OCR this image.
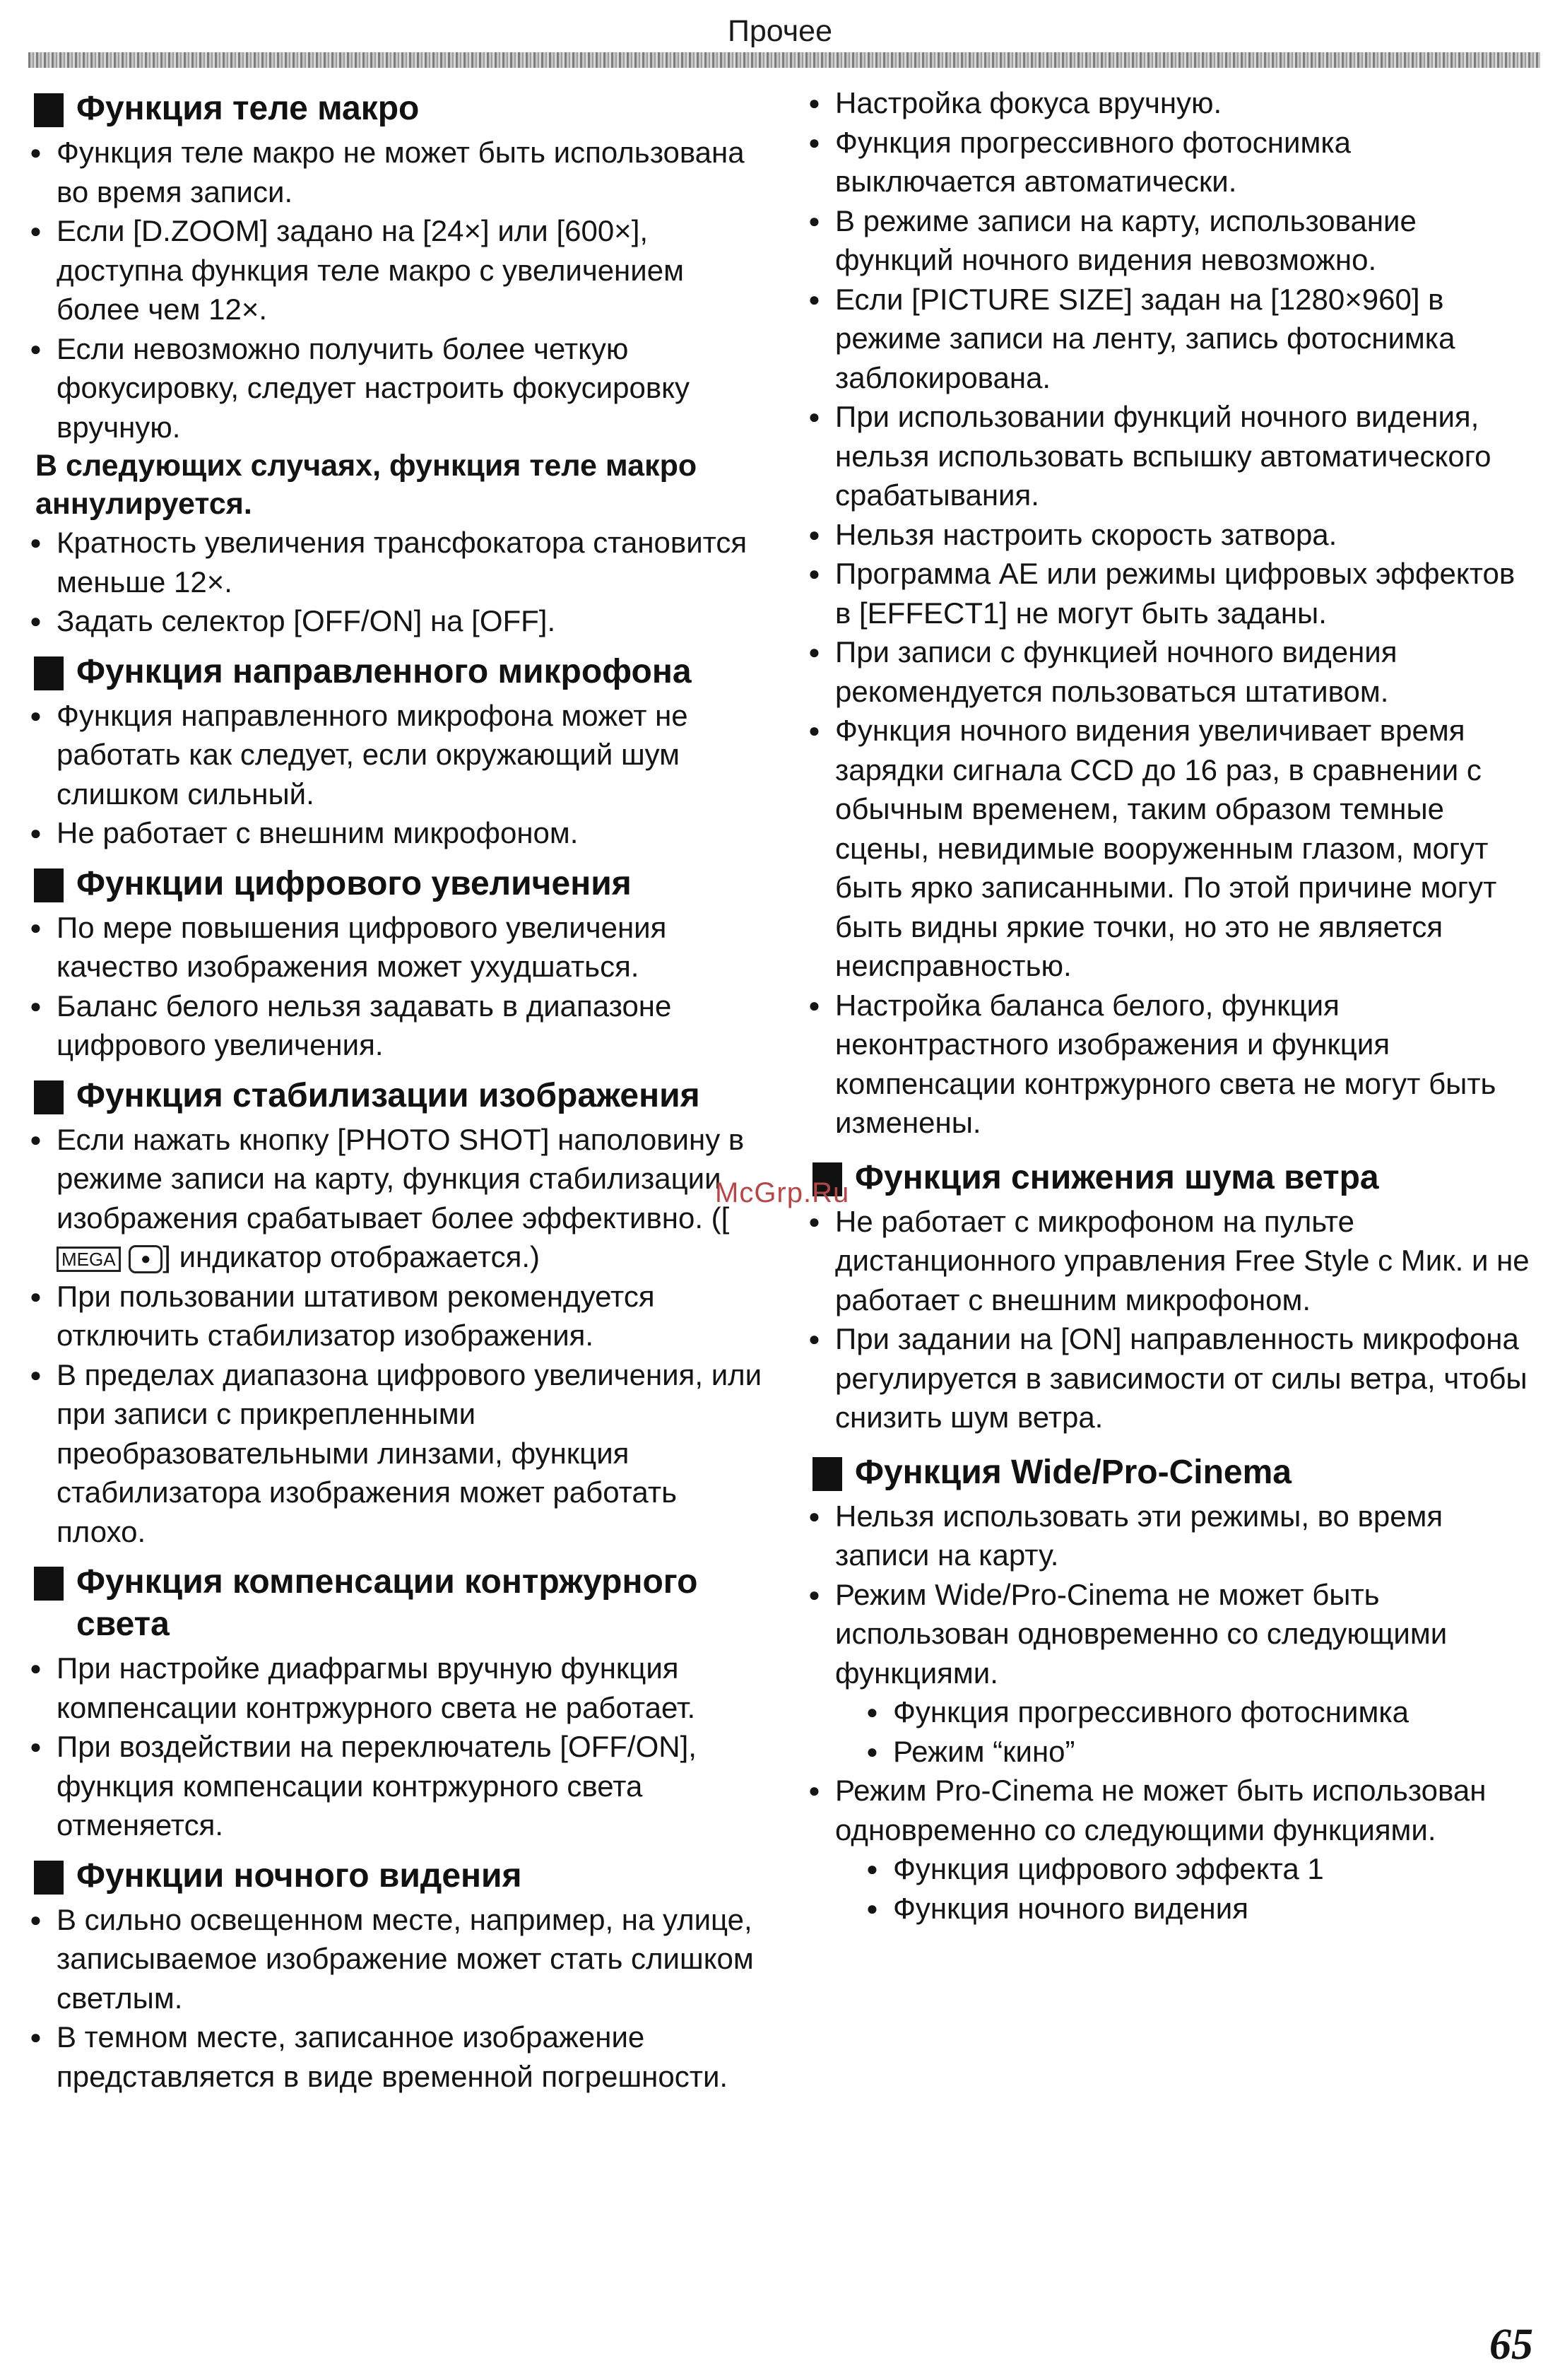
Прочее
Функция теле макро
● Функция теле макро не может быть использована во время записи.
● Если [D.ZOOM] задано на [24×] или [600×], доступна функция теле макро с увеличением более чем 12×.
● Если невозможно получить более четкую фокусировку, следует настроить фокусировку вручную.
В следующих случаях, функция теле макро аннулируется.
● Кратность увеличения трансфокатора становится меньше 12×.
● Задать селектор [OFF/ON] на [OFF].
Функция направленного микрофона
● Функция направленного микрофона может не работать как следует, если окружающий шум слишком сильный.
● Не работает с внешним микрофоном.
Функции цифрового увеличения
● По мере повышения цифрового увеличения качество изображения может ухудшаться.
● Баланс белого нельзя задавать в диапазоне цифрового увеличения.
Функция стабилизации изображения
● Если нажать кнопку [PHOTO SHOT] наполовину в режиме записи на карту, функция стабилизации изображения срабатывает более эффективно. ([MEGA ● ] индикатор отображается.)
● При пользовании штативом рекомендуется отключить стабилизатор изображения.
● В пределах диапазона цифрового увеличения, или при записи с прикрепленными преобразовательными линзами, функция стабилизатора изображения может работать плохо.
Функция компенсации контржурного света
● При настройке диафрагмы вручную функция компенсации контржурного света не работает.
● При воздействии на переключатель [OFF/ON], функция компенсации контржурного света отменяется.
Функции ночного видения
● В сильно освещенном месте, например, на улице, записываемое изображение может стать слишком светлым.
● В темном месте, записанное изображение представляется в виде временной погрешности.
● Настройка фокуса вручную.
● Функция прогрессивного фотоснимка выключается автоматически.
● В режиме записи на карту, использование функций ночного видения невозможно.
● Если [PICTURE SIZE] задан на [1280×960] в режиме записи на ленту, запись фотоснимка заблокирована.
● При использовании функций ночного видения, нельзя использовать вспышку автоматического срабатывания.
● Нельзя настроить скорость затвора.
● Программа AE или режимы цифровых эффектов в [EFFECT1] не могут быть заданы.
● При записи с функцией ночного видения рекомендуется пользоваться штативом.
● Функция ночного видения увеличивает время зарядки сигнала CCD до 16 раз, в сравнении с обычным временем, таким образом темные сцены, невидимые вооруженным глазом, могут быть ярко записанными. По этой причине могут быть видны яркие точки, но это не является неисправностью.
● Настройка баланса белого, функция неконтрастного изображения и функция компенсации контржурного света не могут быть изменены.
Функция снижения шума ветра
● Не работает с микрофоном на пульте дистанционного управления Free Style с Мик. и не работает с внешним микрофоном.
● При задании на [ON] направленность микрофона регулируется в зависимости от силы ветра, чтобы снизить шум ветра.
Функция Wide/Pro-Cinema
● Нельзя использовать эти режимы, во время записи на карту.
● Режим Wide/Pro-Cinema не может быть использован одновременно со следующими функциями.
● Функция прогрессивного фотоснимка
● Режим “кино”
● Режим Pro-Cinema не может быть использован одновременно со следующими функциями.
● Функция цифрового эффекта 1
● Функция ночного видения
McGrp.Ru
65
